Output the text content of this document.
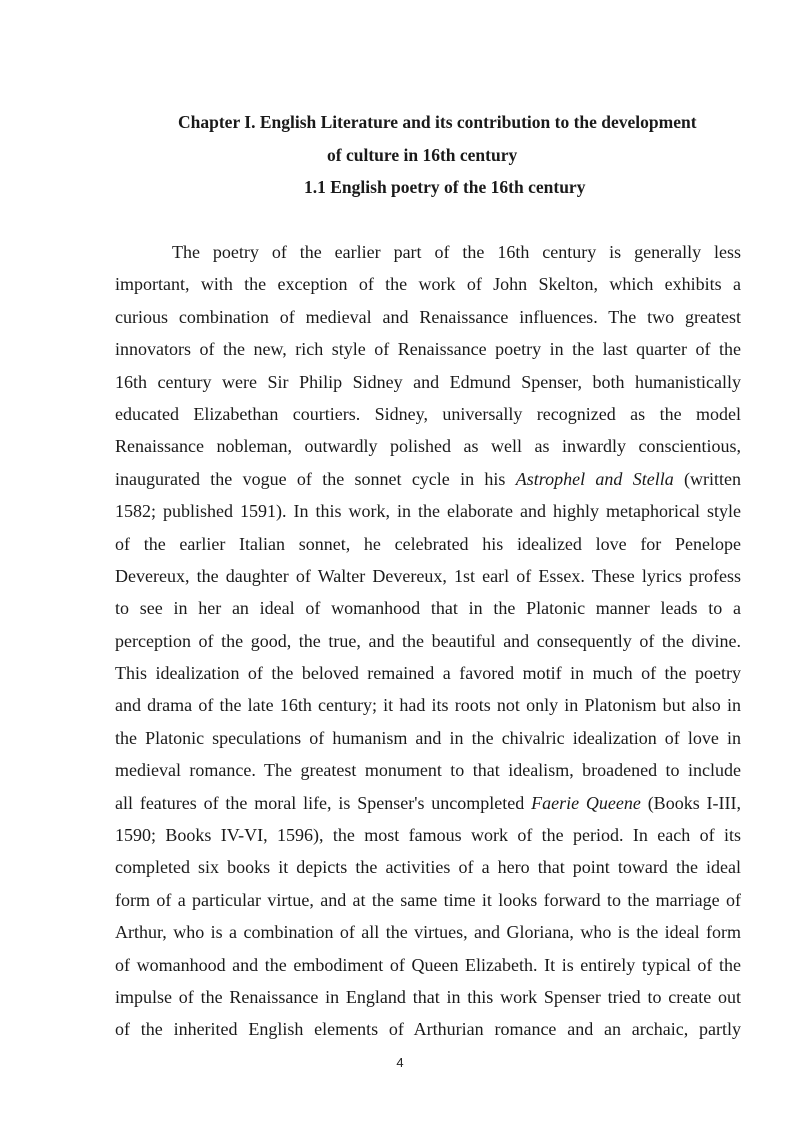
Chapter I. English Literature and its contribution to the development
of culture in 16th century
1.1 English poetry of the 16th century
The poetry of the earlier part of the 16th century is generally less
important, with the exception of the work of John Skelton, which exhibits a
curious combination of medieval and Renaissance influences. The two greatest
innovators of the new, rich style of Renaissance poetry in the last quarter of the
16th century were Sir Philip Sidney and Edmund Spenser, both humanistically
educated Elizabethan courtiers. Sidney, universally recognized as the model
Renaissance nobleman, outwardly polished as well as inwardly conscientious,
inaugurated the vogue of the sonnet cycle in his Astrophel and Stella (written
1582; published 1591). In this work, in the elaborate and highly metaphorical style
of the earlier Italian sonnet, he celebrated his idealized love for Penelope
Devereux, the daughter of Walter Devereux, 1st earl of Essex. These lyrics profess
to see in her an ideal of womanhood that in the Platonic manner leads to a
perception of the good, the true, and the beautiful and consequently of the divine.
This idealization of the beloved remained a favored motif in much of the poetry
and drama of the late 16th century; it had its roots not only in Platonism but also in
the Platonic speculations of humanism and in the chivalric idealization of love in
medieval romance. The greatest monument to that idealism, broadened to include
all features of the moral life, is Spenser's uncompleted Faerie Queene (Books I-III,
1590; Books IV-VI, 1596), the most famous work of the period. In each of its
completed six books it depicts the activities of a hero that point toward the ideal
form of a particular virtue, and at the same time it looks forward to the marriage of
Arthur, who is a combination of all the virtues, and Gloriana, who is the ideal form
of womanhood and the embodiment of Queen Elizabeth. It is entirely typical of the
impulse of the Renaissance in England that in this work Spenser tried to create out
of the inherited English elements of Arthurian romance and an archaic, partly
4
